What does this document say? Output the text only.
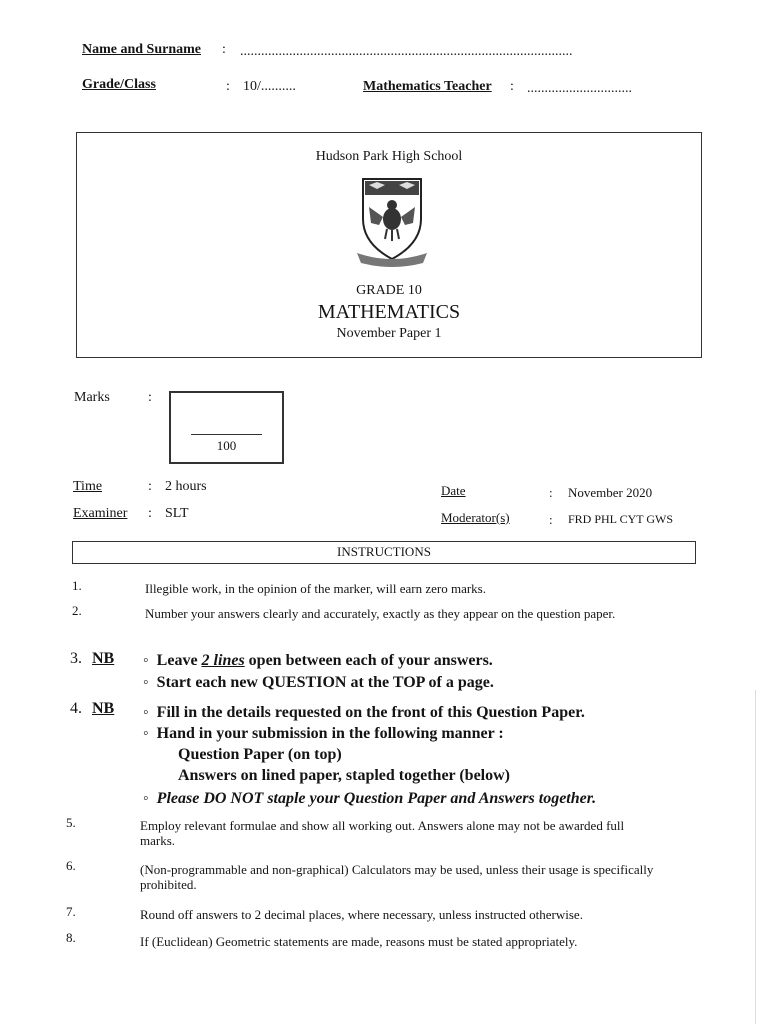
Name and Surname : ...............................................................................................
Grade/Class	: 10/..........	Mathematics Teacher : ..............................
Hudson Park High School
GRADE 10
MATHEMATICS
November Paper 1
Marks	:
100
Time	: 2 hours
Examiner : SLT
Date	: November 2020
Moderator(s)	: FRD PHL CYT GWS
INSTRUCTIONS
1.	Illegible work, in the opinion of the marker, will earn zero marks.
2.	Number your answers clearly and accurately, exactly as they appear on the question paper.
3. NB	◦ Leave 2 lines open between each of your answers.
◦ Start each new QUESTION at the TOP of a page.
4. NB	◦ Fill in the details requested on the front of this Question Paper.
◦ Hand in your submission in the following manner :
Question Paper (on top)
Answers on lined paper, stapled together (below)
◦ Please DO NOT staple your Question Paper and Answers together.
5.	Employ relevant formulae and show all working out. Answers alone may not be awarded full marks.
6.	(Non-programmable and non-graphical) Calculators may be used, unless their usage is specifically prohibited.
7.	Round off answers to 2 decimal places, where necessary, unless instructed otherwise.
8.	If (Euclidean) Geometric statements are made, reasons must be stated appropriately.
